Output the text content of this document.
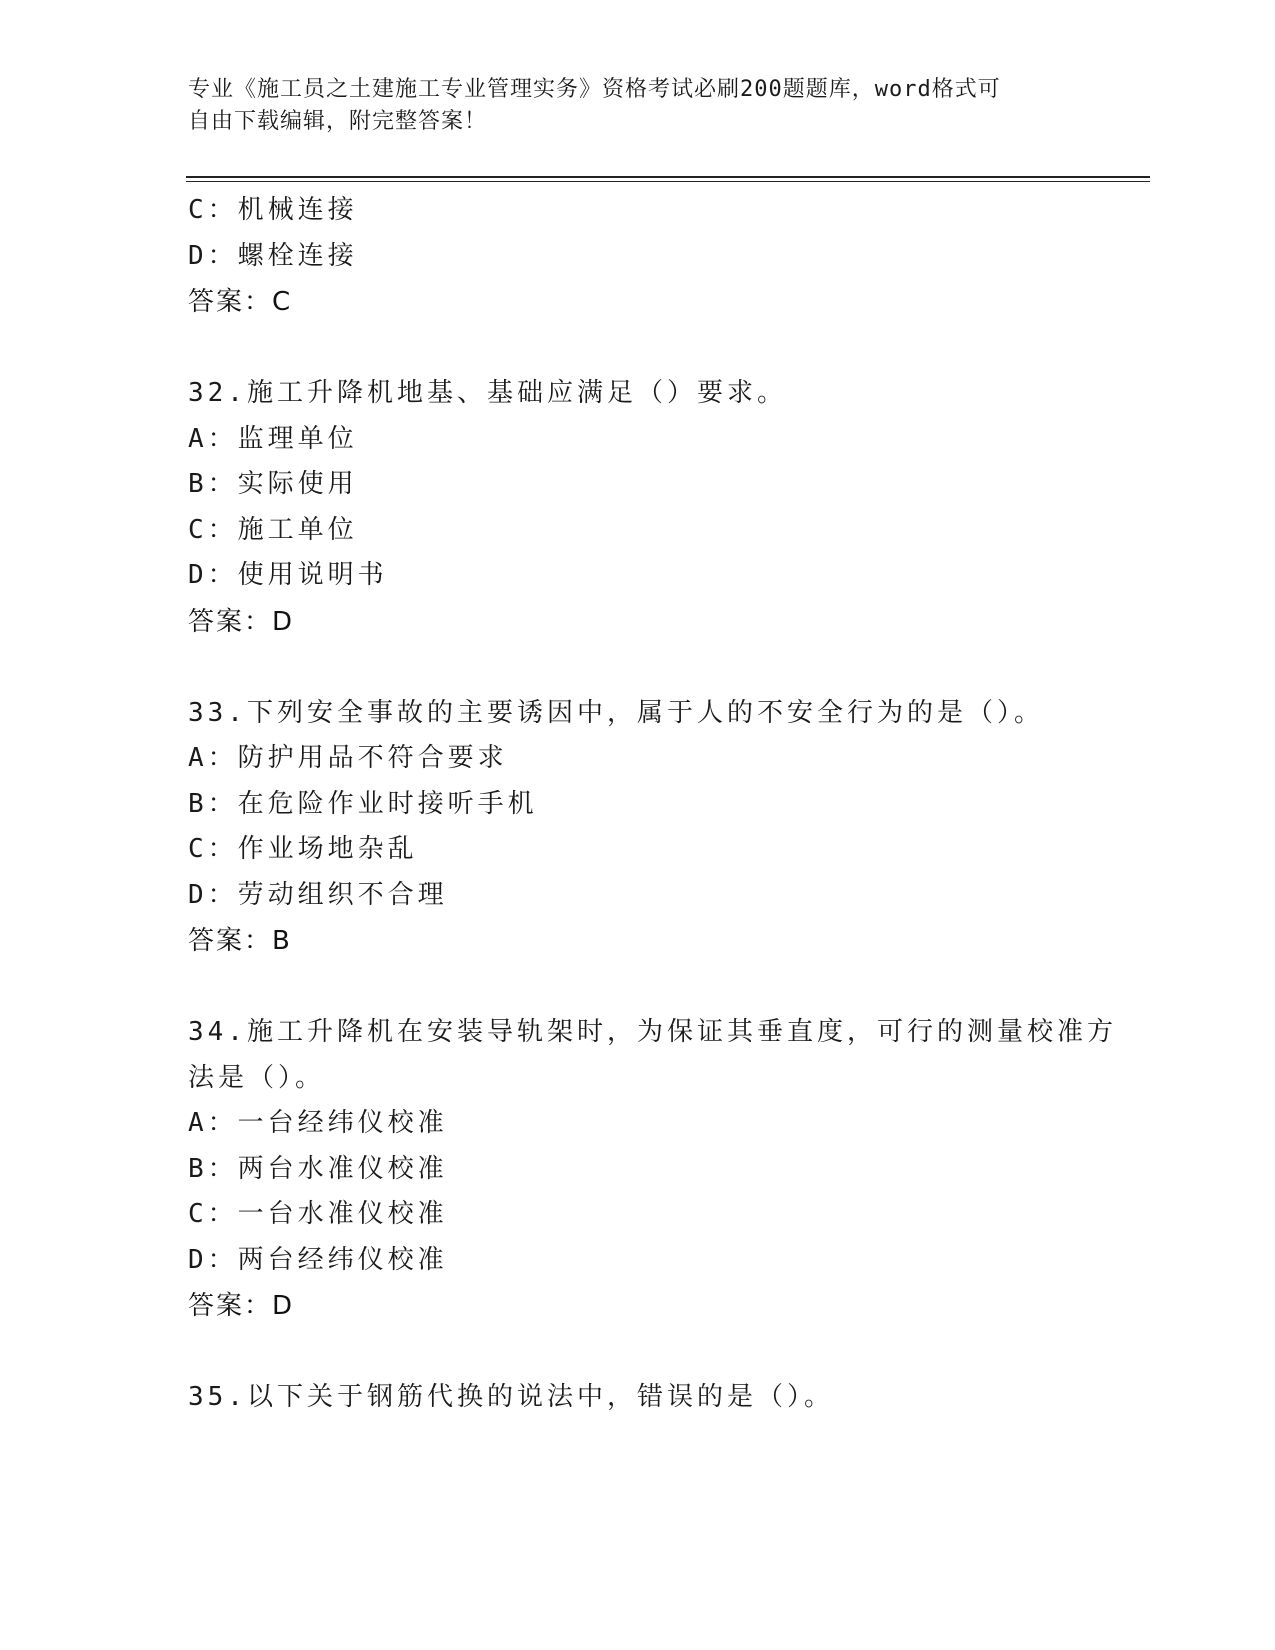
专业《施工员之土建施工专业管理实务》资格考试必刷200题题库，word格式可
自由下载编辑，附完整答案！
C：机械连接
D：螺栓连接
答案：C
32.施工升降机地基、基础应满足（）要求。
A：监理单位
B：实际使用
C：施工单位
D：使用说明书
答案：D
33.下列安全事故的主要诱因中，属于人的不安全行为的是（）。
A：防护用品不符合要求
B：在危险作业时接听手机
C：作业场地杂乱
D：劳动组织不合理
答案：B
34.施工升降机在安装导轨架时，为保证其垂直度，可行的测量校准方
法是（）。
A：一台经纬仪校准
B：两台水准仪校准
C：一台水准仪校准
D：两台经纬仪校准
答案：D
35.以下关于钢筋代换的说法中，错误的是（）。
